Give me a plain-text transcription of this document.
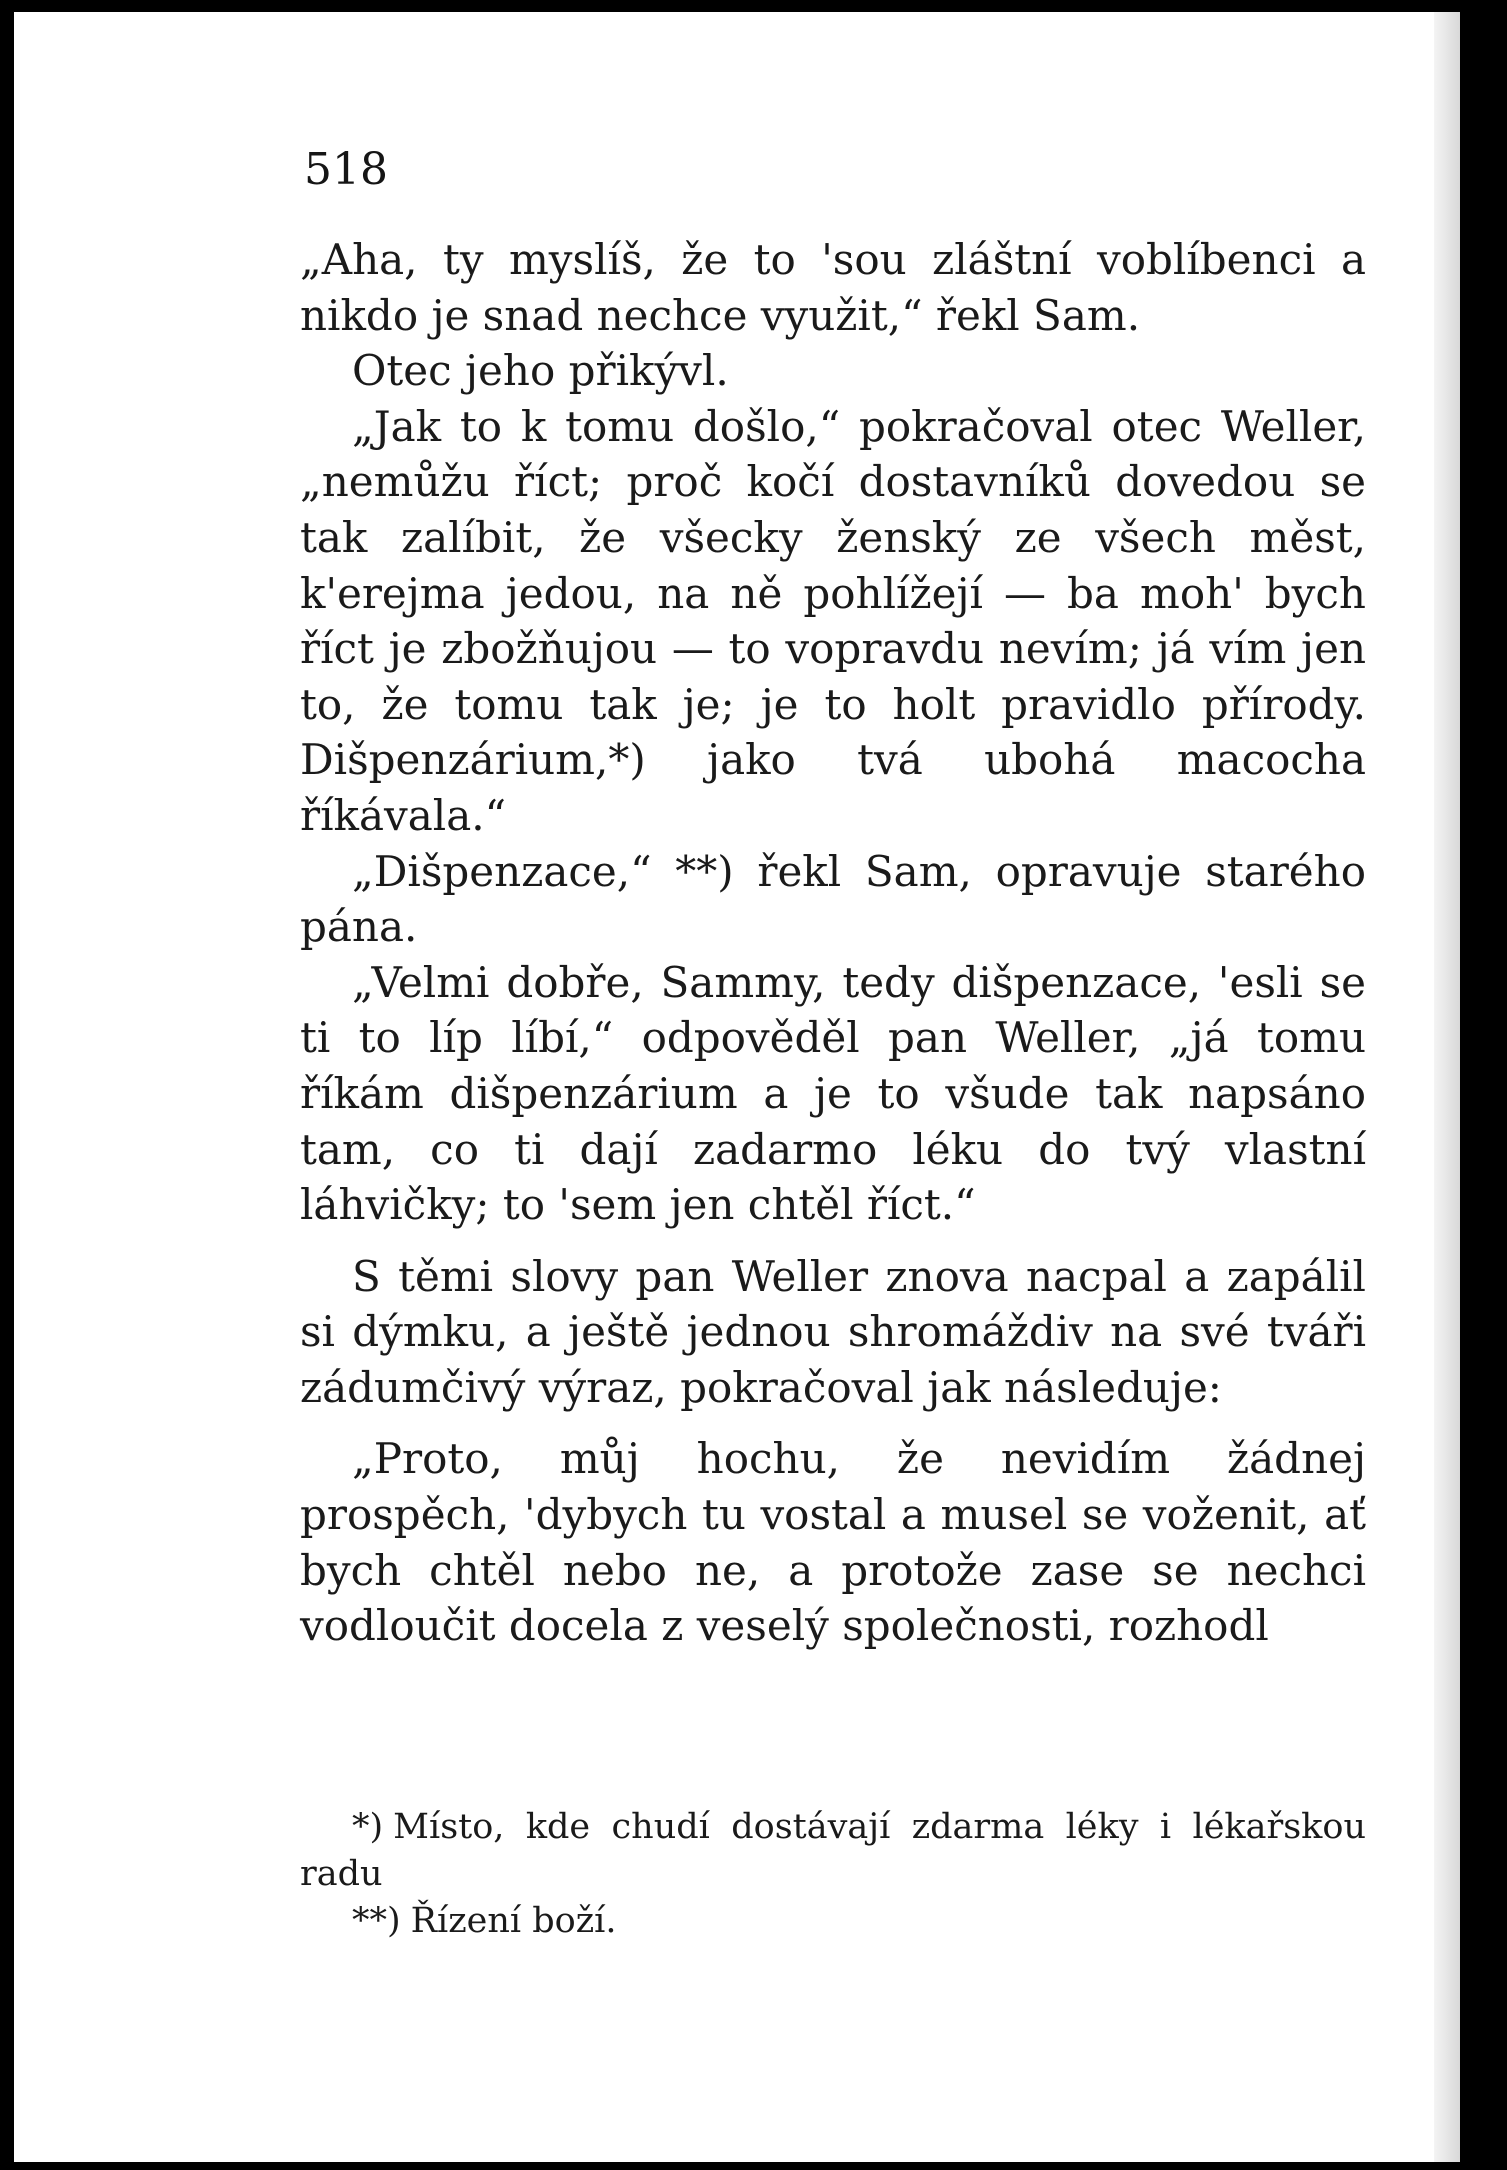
518

„Aha, ty myslíš, že to 'sou zláštní voblíbenci a nikdo je snad nechce využit,“ řekl Sam.

Otec jeho přikývl.

„Jak to k tomu došlo,“ pokračoval otec Weller, „nemůžu říct; proč kočí dostavníků dovedou se tak zalíbit, že všecky ženský ze všech měst, k'erejma jedou, na ně pohlížejí — ba moh' bych říct je zbožňujou — to vopravdu nevím; já vím jen to, že tomu tak je; je to holt pravidlo přírody. Dišpenzárium,*) jako tvá ubohá macocha říkávala.“

„Dišpenzace,“ **) řekl Sam, opravuje starého pána.

„Velmi dobře, Sammy, tedy dišpenzace, 'esli se ti to líp líbí,“ odpověděl pan Weller, „já tomu říkám dišpenzárium a je to všude tak napsáno tam, co ti dají zadarmo léku do tvý vlastní láhvičky; to 'sem jen chtěl říct.“

S těmi slovy pan Weller znova nacpal a zapálil si dýmku, a ještě jednou shromáždiv na své tváři zádumčivý výraz, pokračoval jak následuje:

„Proto, můj hochu, že nevidím žádnej prospěch, 'dybych tu vostal a musel se voženit, ať bych chtěl nebo ne, a protože zase se nechci vodloučit docela z veselý společnosti, rozhodl

*) Místo, kde chudí dostávají zdarma léky i lékařskou radu

**) Řízení boží.
